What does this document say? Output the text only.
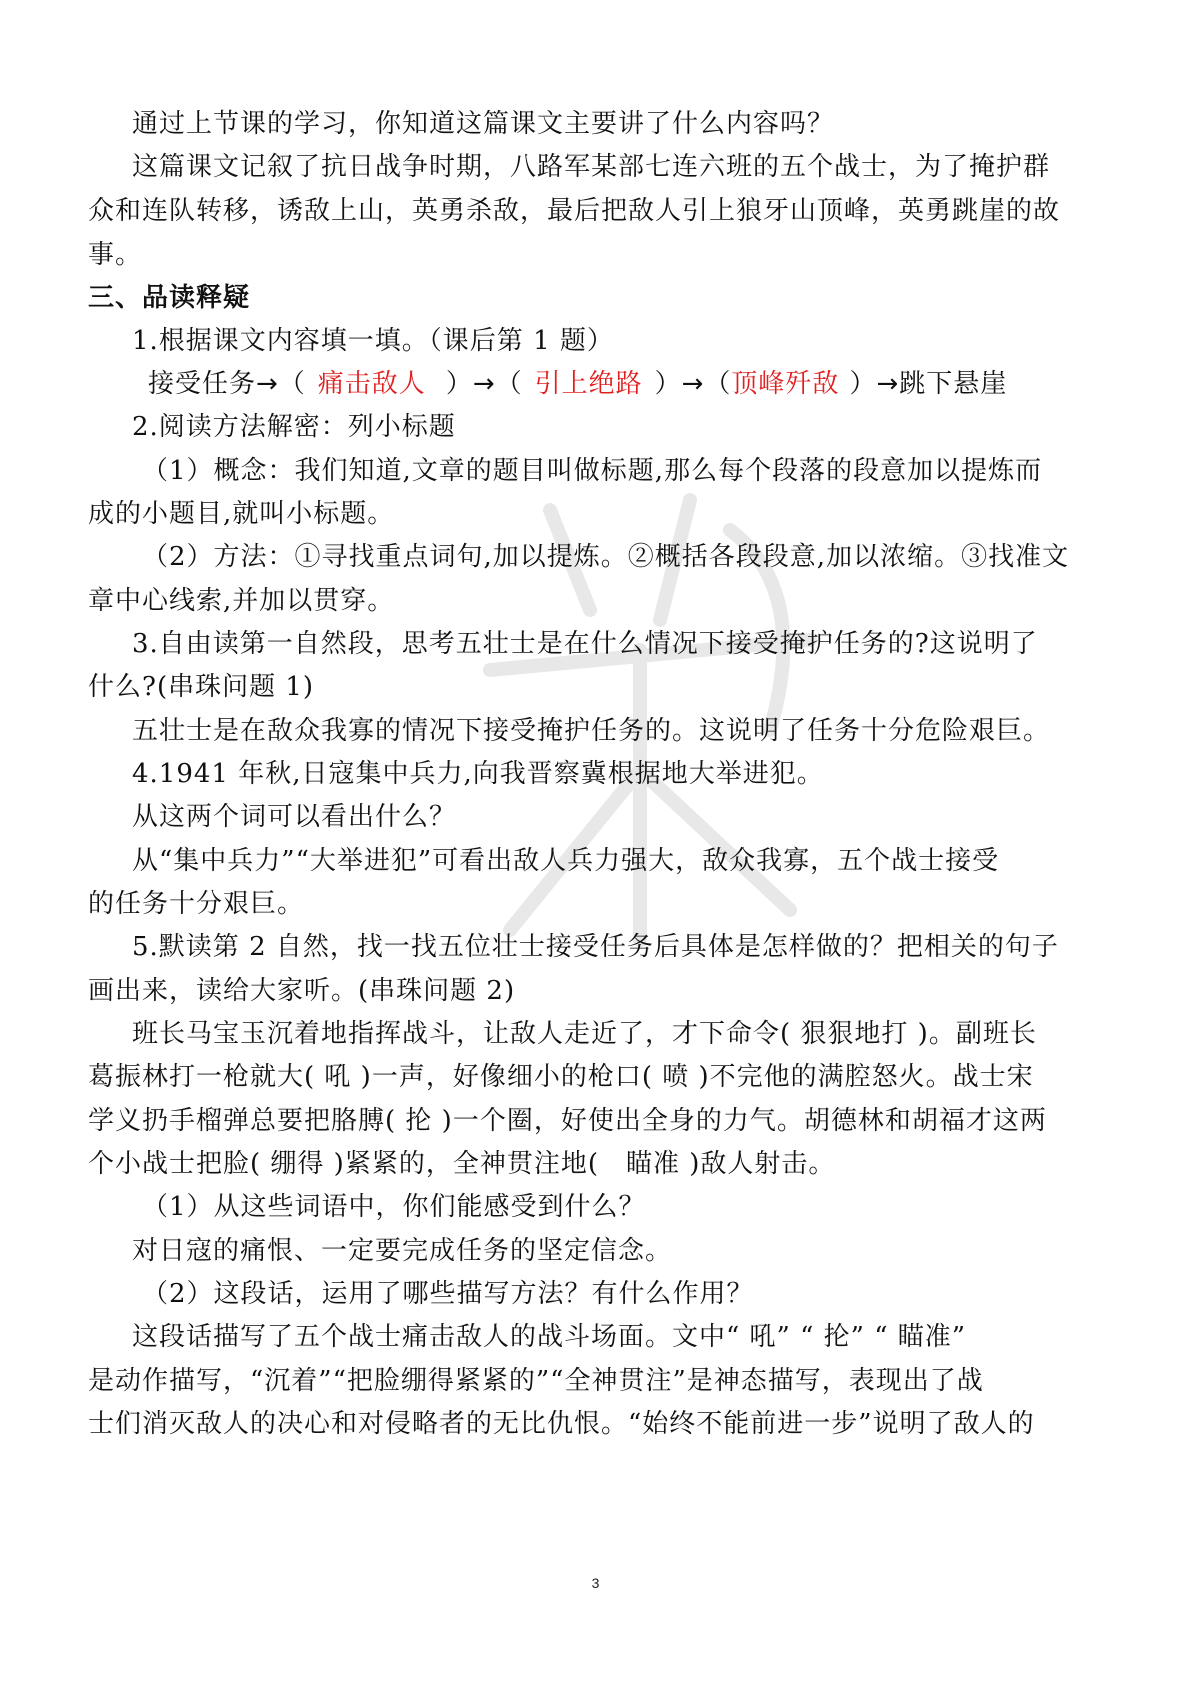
通过上节课的学习，你知道这篇课文主要讲了什么内容吗？
这篇课文记叙了抗日战争时期，八路军某部七连六班的五个战士，为了掩护群
众和连队转移，诱敌上山，英勇杀敌，最后把敌人引上狼牙山顶峰，英勇跳崖的故
事。
三、品读释疑
1.根据课文内容填一填。（课后第 1 题）
接受任务→（ 痛击敌人 ）→（ 引上绝路 ）→（顶峰歼敌 ）→跳下悬崖
2.阅读方法解密：列小标题
（1）概念：我们知道,文章的题目叫做标题,那么每个段落的段意加以提炼而
成的小题目,就叫小标题。
（2）方法：①寻找重点词句,加以提炼。②概括各段段意,加以浓缩。③找准文
章中心线索,并加以贯穿。
3.自由读第一自然段，思考五壮士是在什么情况下接受掩护任务的?这说明了
什么?(串珠问题 1)
五壮士是在敌众我寡的情况下接受掩护任务的。这说明了任务十分危险艰巨。
4.1941 年秋,日寇集中兵力,向我晋察冀根据地大举进犯。
从这两个词可以看出什么？
从“集中兵力”“大举进犯”可看出敌人兵力强大，敌众我寡，五个战士接受
的任务十分艰巨。
5.默读第 2 自然，找一找五位壮士接受任务后具体是怎样做的？把相关的句子
画出来，读给大家听。(串珠问题 2)
班长马宝玉沉着地指挥战斗，让敌人走近了，才下命令( 狠狠地打 )。副班长
葛振林打一枪就大( 吼 )一声，好像细小的枪口( 喷 )不完他的满腔怒火。战士宋
学义扔手榴弹总要把胳膊( 抡 )一个圈，好使出全身的力气。胡德林和胡福才这两
个小战士把脸( 绷得 )紧紧的，全神贯注地(　瞄准 )敌人射击。
（1）从这些词语中，你们能感受到什么？
对日寇的痛恨、一定要完成任务的坚定信念。
（2）这段话，运用了哪些描写方法？有什么作用？
这段话描写了五个战士痛击敌人的战斗场面。文中“ 吼” “ 抡” “ 瞄准”
是动作描写，“沉着”“把脸绷得紧紧的”“全神贯注”是神态描写，表现出了战
士们消灭敌人的决心和对侵略者的无比仇恨。“始终不能前进一步”说明了敌人的
3
